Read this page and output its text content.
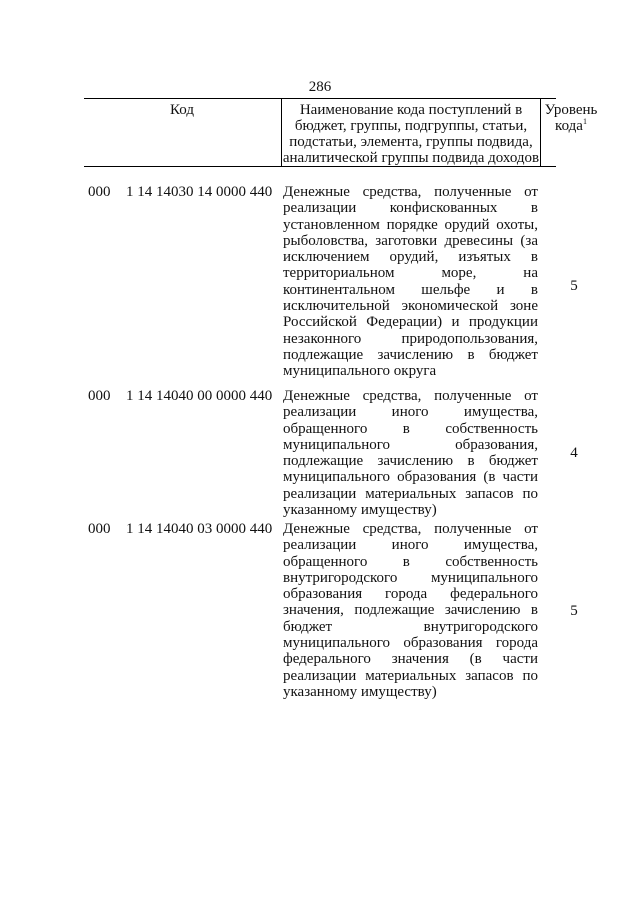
286
Код	Наименование кода поступлений в бюджет, группы, подгруппы, статьи, подстатьи, элемента, группы подвида, аналитической группы подвида доходов
Уровень кода$^1$
000 1 14 14030 14 0000 440 Денежные средства, полученные от реализации конфискованных в установленном порядке орудий охоты, рыболовства, заготовки древесины (за исключением орудий, изъятых в территориальном море, на континентальном шельфе и в исключительной экономической зоне Российской Федерации) и продукции незаконного природопользования, подлежащие зачислению в бюджет муниципального округа
5
000 1 14 14040 00 0000 440 Денежные средства, полученные от реализации иного имущества, обращенного в собственность муниципального образования, подлежащие зачислению в бюджет муниципального образования (в части реализации материальных запасов по указанному имуществу)
4
000 1 14 14040 03 0000 440 Денежные средства, полученные от реализации иного имущества, обращенного в собственность внутригородского муниципального образования города федерального значения, подлежащие зачислению в бюджет внутригородского муниципального образования города федерального значения (в части реализации материальных запасов по указанному имуществу)
5
